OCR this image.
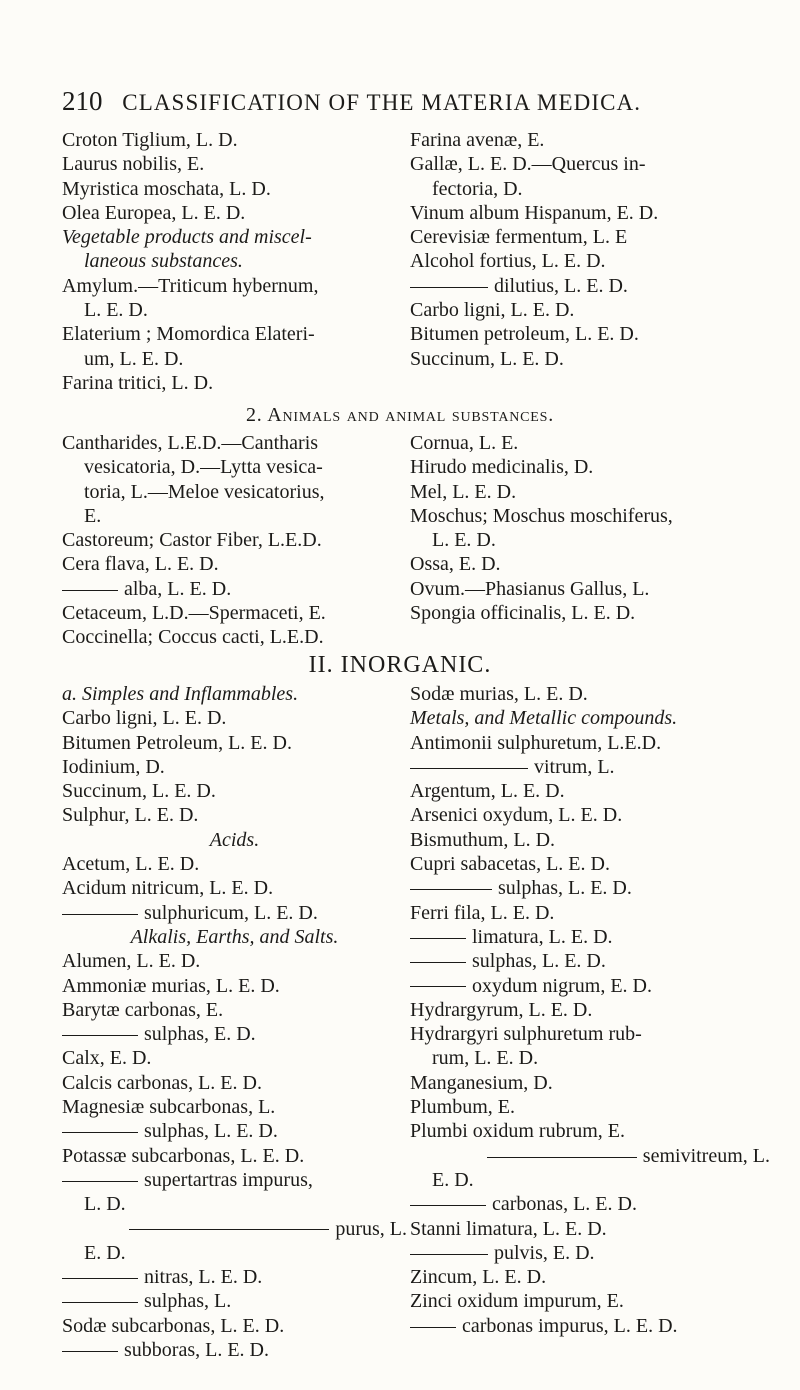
210 CLASSIFICATION OF THE MATERIA MEDICA.
Croton Tiglium, L. D.
Laurus nobilis, E.
Myristica moschata, L. D.
Olea Europea, L. E. D.
Vegetable products and miscel-
laneous substances.
Amylum.—Triticum hybernum,
L. E. D.
Elaterium ; Momordica Elateri-
um, L. E. D.
Farina tritici, L. D.
Farina avenæ, E.
Gallæ, L. E. D.—Quercus in-
fectoria, D.
Vinum album Hispanum, E. D.
Cerevisiæ fermentum, L. E
Alcohol fortius, L. E. D.
dilutius, L. E. D.
Carbo ligni, L. E. D.
Bitumen petroleum, L. E. D.
Succinum, L. E. D.
2. Animals and animal substances.
Cantharides, L.E.D.—Cantharis
vesicatoria, D.—Lytta vesica-
toria, L.—Meloe vesicatorius,
E.
Castoreum; Castor Fiber, L.E.D.
Cera flava, L. E. D.
alba, L. E. D.
Cetaceum, L.D.—Spermaceti, E.
Coccinella; Coccus cacti, L.E.D.
Cornua, L. E.
Hirudo medicinalis, D.
Mel, L. E. D.
Moschus; Moschus moschiferus,
L. E. D.
Ossa, E. D.
Ovum.—Phasianus Gallus, L.
Spongia officinalis, L. E. D.
II. INORGANIC.
a. Simples and Inflammables.
Carbo ligni, L. E. D.
Bitumen Petroleum, L. E. D.
Iodinium, D.
Succinum, L. E. D.
Sulphur, L. E. D.
Acids.
Acetum, L. E. D.
Acidum nitricum, L. E. D.
sulphuricum, L. E. D.
Alkalis, Earths, and Salts.
Alumen, L. E. D.
Ammoniæ murias, L. E. D.
Barytæ carbonas, E.
sulphas, E. D.
Calx, E. D.
Calcis carbonas, L. E. D.
Magnesiæ subcarbonas, L.
sulphas, L. E. D.
Potassæ subcarbonas, L. E. D.
supertartras impurus,
L. D.
purus, L.
E. D.
nitras, L. E. D.
sulphas, L.
Sodæ subcarbonas, L. E. D.
subboras, L. E. D.
Sodæ murias, L. E. D.
Metals, and Metallic compounds.
Antimonii sulphuretum, L.E.D.
vitrum, L.
Argentum, L. E. D.
Arsenici oxydum, L. E. D.
Bismuthum, L. D.
Cupri sabacetas, L. E. D.
sulphas, L. E. D.
Ferri fila, L. E. D.
limatura, L. E. D.
sulphas, L. E. D.
oxydum nigrum, E. D.
Hydrargyrum, L. E. D.
Hydrargyri sulphuretum rub-
rum, L. E. D.
Manganesium, D.
Plumbum, E.
Plumbi oxidum rubrum, E.
semivitreum, L.
E. D.
carbonas, L. E. D.
Stanni limatura, L. E. D.
pulvis, E. D.
Zincum, L. E. D.
Zinci oxidum impurum, E.
carbonas impurus, L. E. D.
